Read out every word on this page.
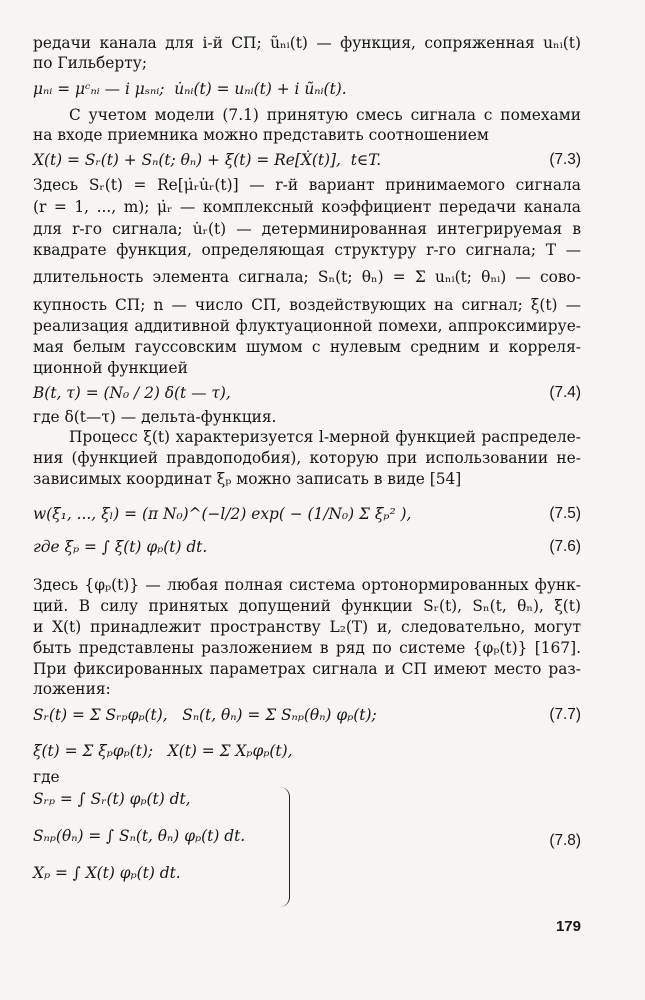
редачи канала для i-й СП; ũₙᵢ(t) — функция, сопряженная uₙᵢ(t)
по Гильберту;
μₙᵢ = μᶜₙᵢ — i μₛₙᵢ;  u̇ₙᵢ(t) = uₙᵢ(t) + i ũₙᵢ(t).
С учетом модели (7.1) принятую смесь сигнала с помехами
на входе приемника можно представить соотношением
X(t) = Sᵣ(t) + Sₙ(t; θₙ) + ξ(t) = Re[Ẋ(t)],  t∈T.	(7.3)
Здесь Sᵣ(t) = Re[μ̇ᵣu̇ᵣ(t)] — r-й вариант принимаемого сигнала
(r = 1, ..., m); μ̇ᵣ — комплексный коэффициент передачи канала
для r-го сигнала; u̇ᵣ(t) — детерминированная интегрируемая в
квадрате функция, определяющая структуру r-го сигнала; T —
длительность элемента сигнала; Sₙ(t; θₙ) = Σ uₙᵢ(t; θₙᵢ) — сово-
купность СП; n — число СП, воздействующих на сигнал; ξ(t) —
реализация аддитивной флуктуационной помехи, аппроксимируе-
мая белым гауссовским шумом с нулевым средним и корреля-
ционной функцией
B(t, τ) = (N₀ / 2) δ(t — τ),	(7.4)
где δ(t—τ) — дельта-функция.
Процесс ξ(t) характеризуется l-мерной функцией распределе-
ния (функцией правдоподобия), которую при использовании не-
зависимых координат ξₚ можно записать в виде [54]
w(ξ₁, ..., ξₗ) = (π N₀)^(−l/2) exp( − (1/N₀) Σ ξₚ² ),	(7.5)
где ξₚ = ∫ ξ(t) φₚ(t) dt.	(7.6)
Здесь {φₚ(t)} — любая полная система ортонормированных функ-
ций. В силу принятых допущений функции Sᵣ(t), Sₙ(t, θₙ), ξ(t)
и X(t) принадлежит пространству L₂(T) и, следовательно, могут
быть представлены разложением в ряд по системе {φₚ(t)} [167].
При фиксированных параметрах сигнала и СП имеют место раз-
ложения:
Sᵣ(t) = Σ Sᵣₚφₚ(t),   Sₙ(t, θₙ) = Σ Sₙₚ(θₙ) φₚ(t);	(7.7)
ξ(t) = Σ ξₚφₚ(t);   X(t) = Σ Xₚφₚ(t),
где
Sᵣₚ = ∫ Sᵣ(t) φₚ(t) dt,
Sₙₚ(θₙ) = ∫ Sₙ(t, θₙ) φₚ(t) dt.
Xₚ = ∫ X(t) φₚ(t) dt.
(7.8)
179
